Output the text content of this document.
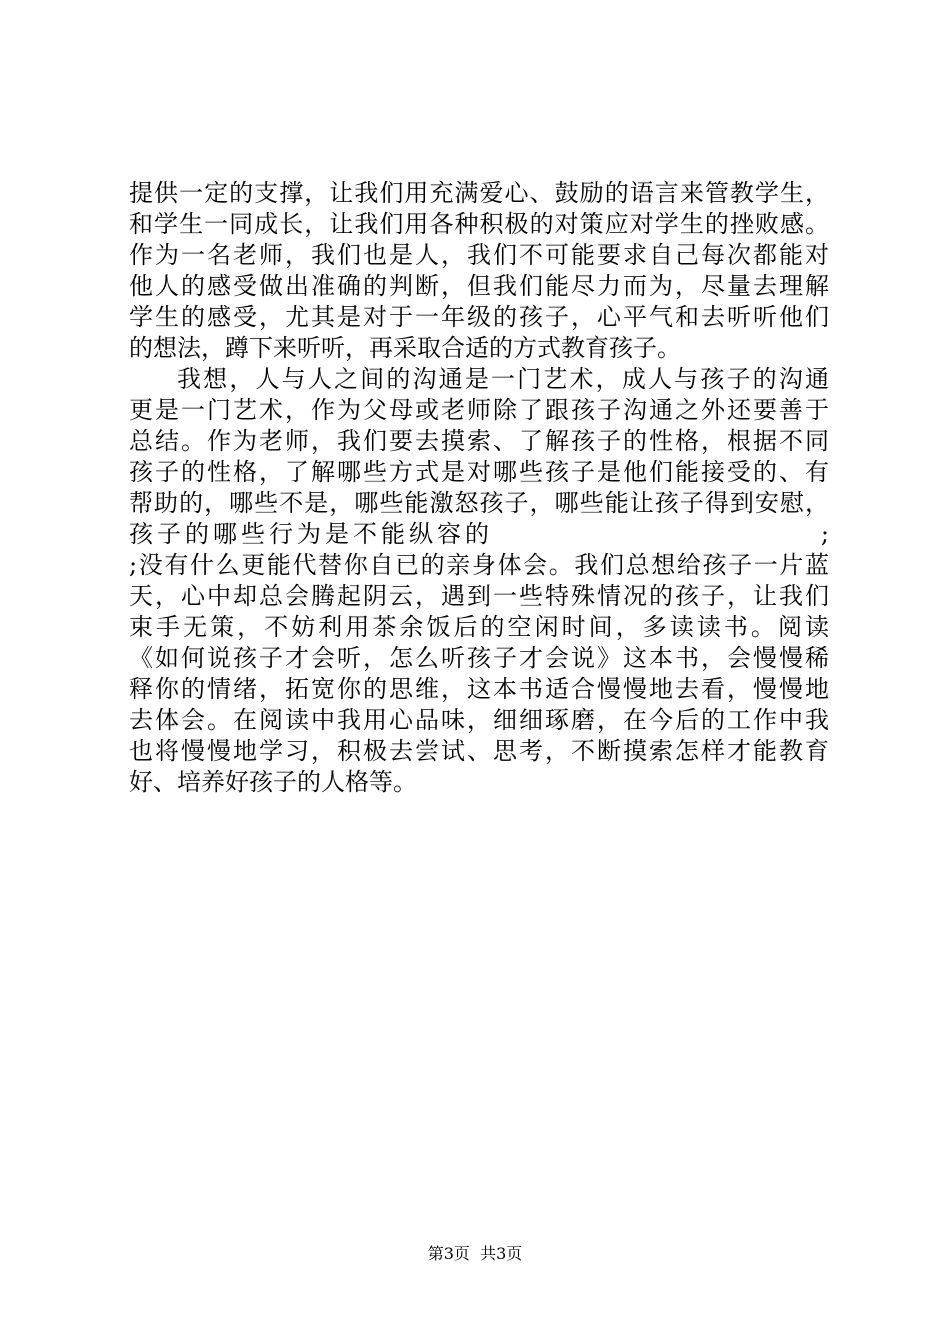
提供一定的支撑，让我们用充满爱心、鼓励的语言来管教学生，
和学生一同成长，让我们用各种积极的对策应对学生的挫败感。
作为一名老师，我们也是人，我们不可能要求自己每次都能对
他人的感受做出准确的判断，但我们能尽力而为，尽量去理解
学生的感受，尤其是对于一年级的孩子，心平气和去听听他们
的想法，蹲下来听听，再采取合适的方式教育孩子。
我想，人与人之间的沟通是一门艺术，成人与孩子的沟通
更是一门艺术，作为父母或老师除了跟孩子沟通之外还要善于
总结。作为老师，我们要去摸索、了解孩子的性格，根据不同
孩子的性格，了解哪些方式是对哪些孩子是他们能接受的、有
帮助的，哪些不是，哪些能激怒孩子，哪些能让孩子得到安慰，
孩子的哪些行为是不能纵容的	;
;没有什么更能代替你自已的亲身体会。我们总想给孩子一片蓝
天，心中却总会腾起阴云，遇到一些特殊情况的孩子，让我们
束手无策，不妨利用茶余饭后的空闲时间，多读读书。阅读
《如何说孩子才会听，怎么听孩子才会说》这本书，会慢慢稀
释你的情绪，拓宽你的思维，这本书适合慢慢地去看，慢慢地
去体会。在阅读中我用心品味，细细琢磨，在今后的工作中我
也将慢慢地学习，积极去尝试、思考，不断摸索怎样才能教育
好、培养好孩子的人格等。
第3页  共3页
